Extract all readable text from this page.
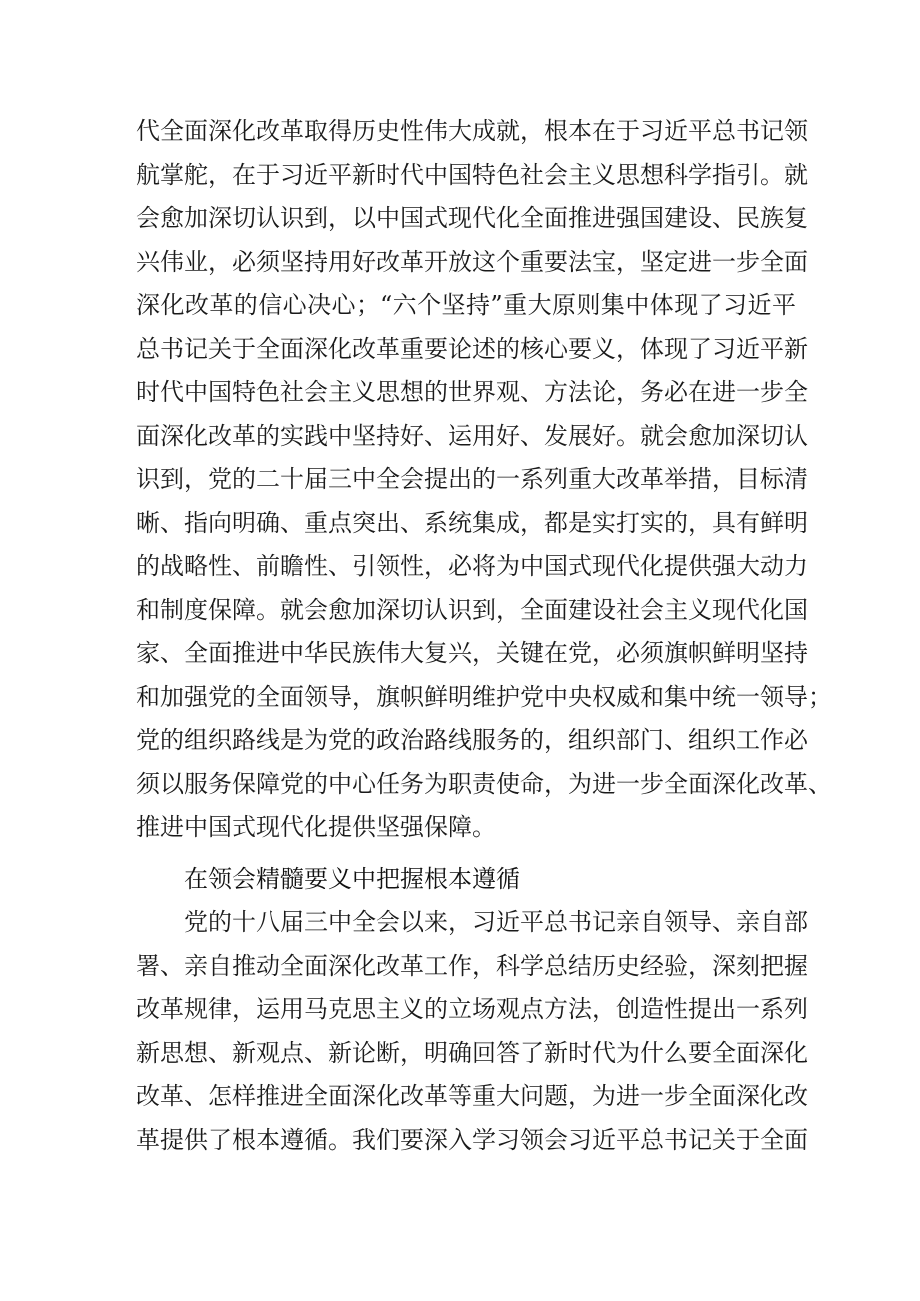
代全面深化改革取得历史性伟大成就，根本在于习近平总书记领
航掌舵，在于习近平新时代中国特色社会主义思想科学指引。就
会愈加深切认识到，以中国式现代化全面推进强国建设、民族复
兴伟业，必须坚持用好改革开放这个重要法宝，坚定进一步全面
深化改革的信心决心；“六个坚持”重大原则集中体现了习近平
总书记关于全面深化改革重要论述的核心要义，体现了习近平新
时代中国特色社会主义思想的世界观、方法论，务必在进一步全
面深化改革的实践中坚持好、运用好、发展好。就会愈加深切认
识到，党的二十届三中全会提出的一系列重大改革举措，目标清
晰、指向明确、重点突出、系统集成，都是实打实的，具有鲜明
的战略性、前瞻性、引领性，必将为中国式现代化提供强大动力
和制度保障。就会愈加深切认识到，全面建设社会主义现代化国
家、全面推进中华民族伟大复兴，关键在党，必须旗帜鲜明坚持
和加强党的全面领导，旗帜鲜明维护党中央权威和集中统一领导；
党的组织路线是为党的政治路线服务的，组织部门、组织工作必
须以服务保障党的中心任务为职责使命，为进一步全面深化改革、
推进中国式现代化提供坚强保障。
在领会精髓要义中把握根本遵循
党的十八届三中全会以来，习近平总书记亲自领导、亲自部
署、亲自推动全面深化改革工作，科学总结历史经验，深刻把握
改革规律，运用马克思主义的立场观点方法，创造性提出一系列
新思想、新观点、新论断，明确回答了新时代为什么要全面深化
改革、怎样推进全面深化改革等重大问题，为进一步全面深化改
革提供了根本遵循。我们要深入学习领会习近平总书记关于全面
